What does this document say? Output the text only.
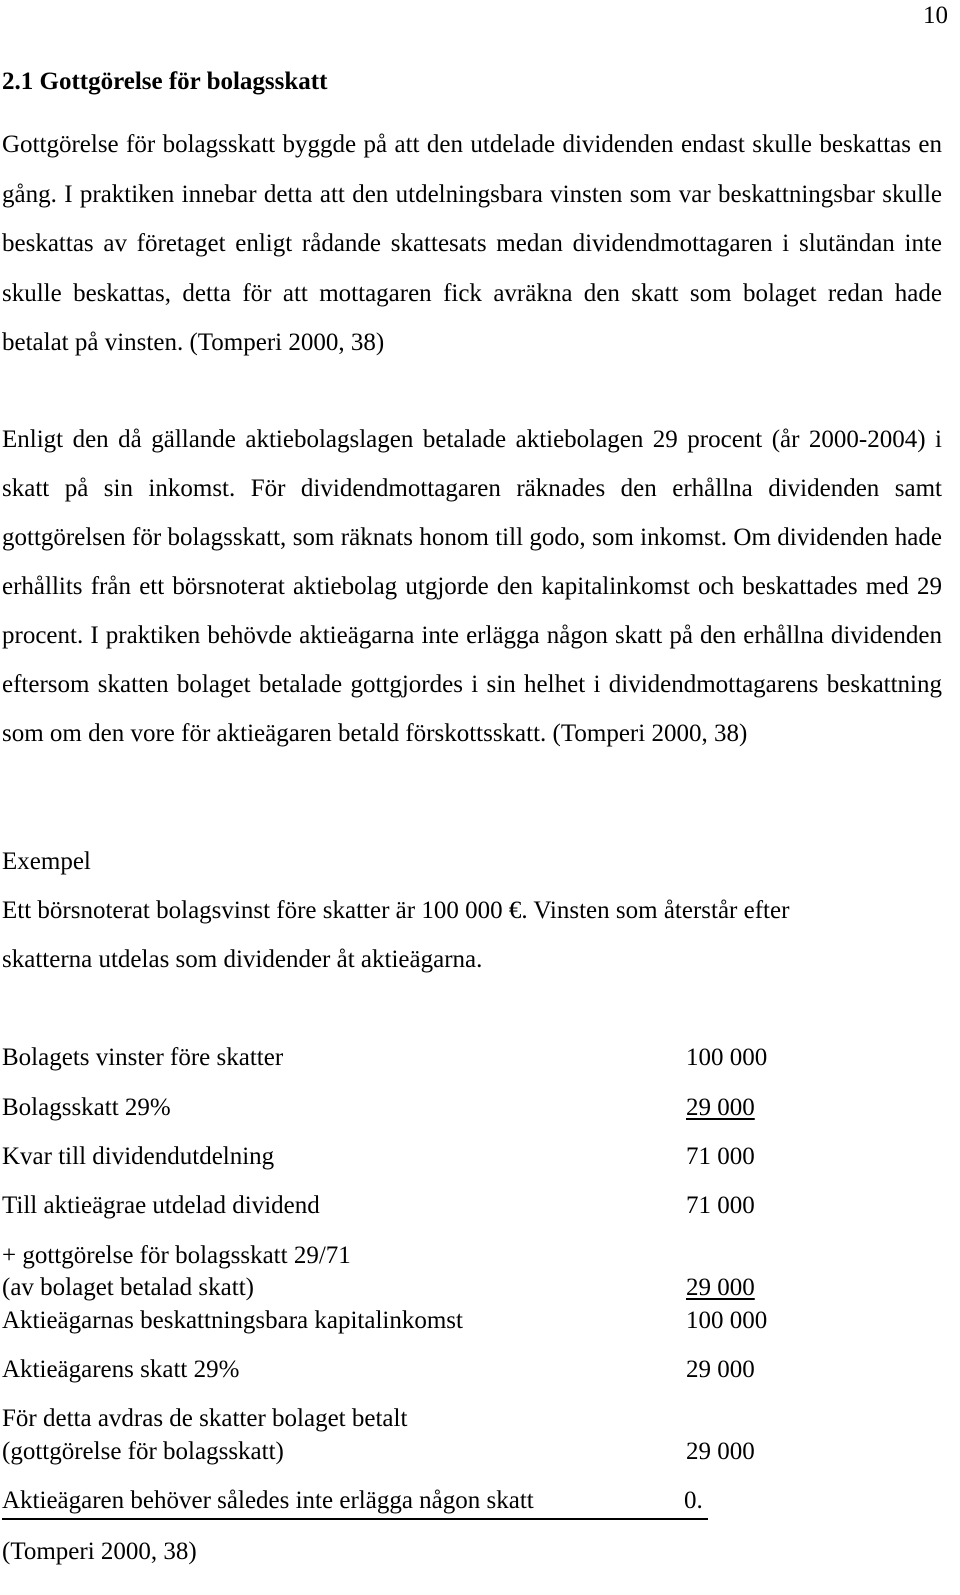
10
2.1 Gottgörelse för bolagsskatt
Gottgörelse för bolagsskatt byggde på att den utdelade dividenden endast skulle beskattas en gång. I praktiken innebar detta att den utdelningsbara vinsten som var beskattningsbar skulle beskattas av företaget enligt rådande skattesats medan dividendmottagaren i slutändan inte skulle beskattas, detta för att mottagaren fick avräkna den skatt som bolaget redan hade betalat på vinsten. (Tomperi 2000, 38)
Enligt den då gällande aktiebolagslagen betalade aktiebolagen 29 procent (år 2000-2004) i skatt på sin inkomst. För dividendmottagaren räknades den erhållna dividenden samt gottgörelsen för bolagsskatt, som räknats honom till godo, som inkomst. Om dividenden hade erhållits från ett börsnoterat aktiebolag utgjorde den kapitalinkomst och beskattades med 29 procent. I praktiken behövde aktieägarna inte erlägga någon skatt på den erhållna dividenden eftersom skatten bolaget betalade gottgjordes i sin helhet i dividendmottagarens beskattning som om den vore för aktieägaren betald förskottsskatt. (Tomperi 2000, 38)
Exempel
Ett börsnoterat bolagsvinst före skatter är 100 000 €. Vinsten som återstår efter
skatterna utdelas som dividender åt aktieägarna.
Bolagets vinster före skatter	100 000
Bolagsskatt 29%	29 000
Kvar till dividendutdelning	71 000
Till aktieägrae utdelad dividend	71 000
+ gottgörelse för bolagsskatt 29/71
(av bolaget betalad skatt)	29 000
Aktieägarnas beskattningsbara kapitalinkomst	100 000
Aktieägarens skatt 29%	29 000
För detta avdras de skatter bolaget betalt
(gottgörelse för bolagsskatt)	29 000
Aktieägaren behöver således inte erlägga någon skatt	0.
(Tomperi 2000, 38)
